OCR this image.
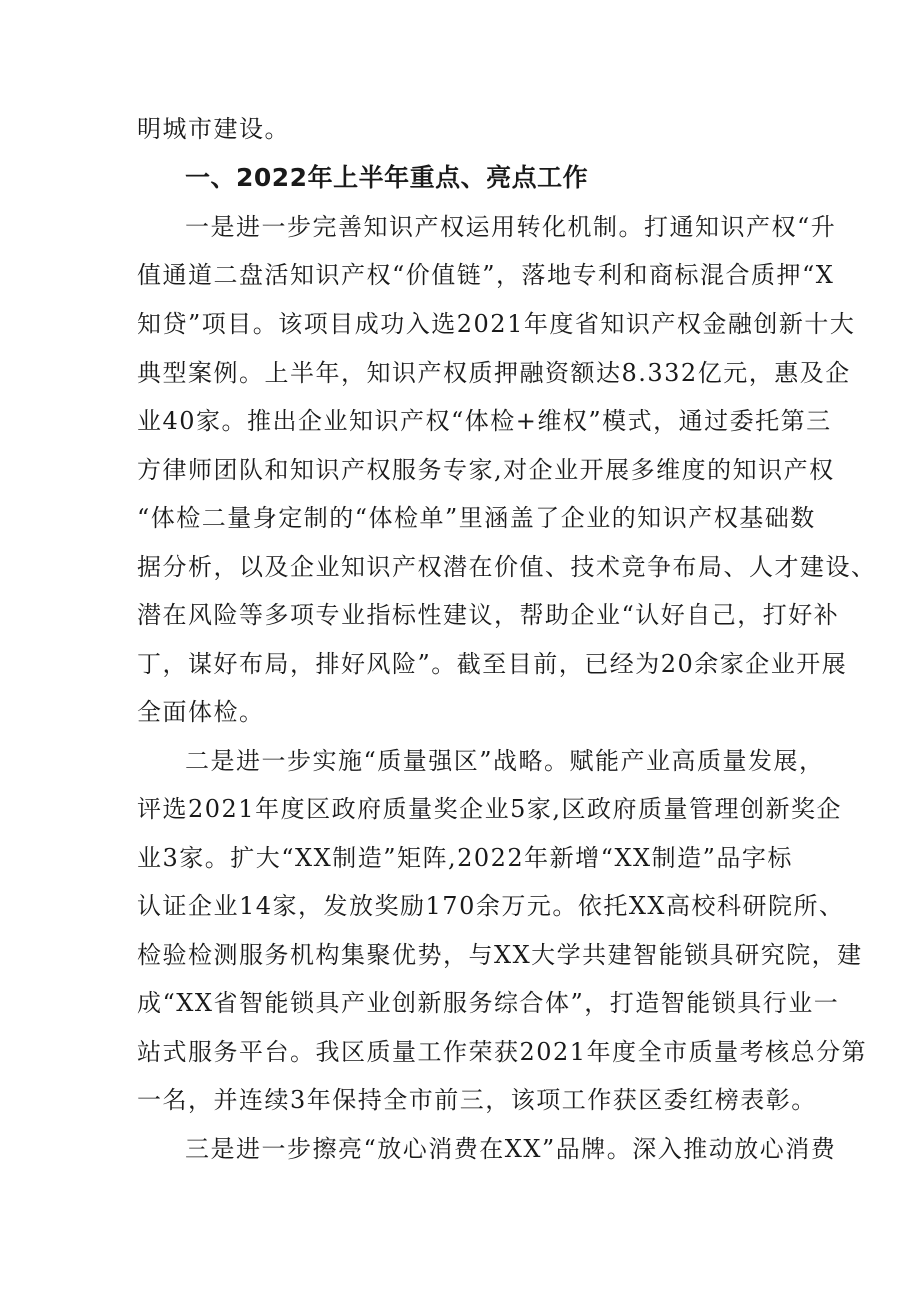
明城市建设。
一、2022年上半年重点、亮点工作
一是进一步完善知识产权运用转化机制。打通知识产权“升
值通道二盘活知识产权“价值链”，落地专利和商标混合质押“X
知贷”项目。该项目成功入选2021年度省知识产权金融创新十大
典型案例。上半年，知识产权质押融资额达8.332亿元，惠及企
业40家。推出企业知识产权“体检+维权”模式，通过委托第三
方律师团队和知识产权服务专家,对企业开展多维度的知识产权
“体检二量身定制的“体检单”里涵盖了企业的知识产权基础数
据分析，以及企业知识产权潜在价值、技术竞争布局、人才建设、
潜在风险等多项专业指标性建议，帮助企业“认好自己，打好补
丁，谋好布局，排好风险”。截至目前，已经为20余家企业开展
全面体检。
二是进一步实施“质量强区”战略。赋能产业高质量发展，
评选2021年度区政府质量奖企业5家,区政府质量管理创新奖企
业3家。扩大“XX制造”矩阵,2022年新增“XX制造”品字标
认证企业14家，发放奖励170余万元。依托XX高校科研院所、
检验检测服务机构集聚优势，与XX大学共建智能锁具研究院，建
成“XX省智能锁具产业创新服务综合体”，打造智能锁具行业一
站式服务平台。我区质量工作荣获2021年度全市质量考核总分第
一名，并连续3年保持全市前三，该项工作获区委红榜表彰。
三是进一步擦亮“放心消费在XX”品牌。深入推动放心消费
